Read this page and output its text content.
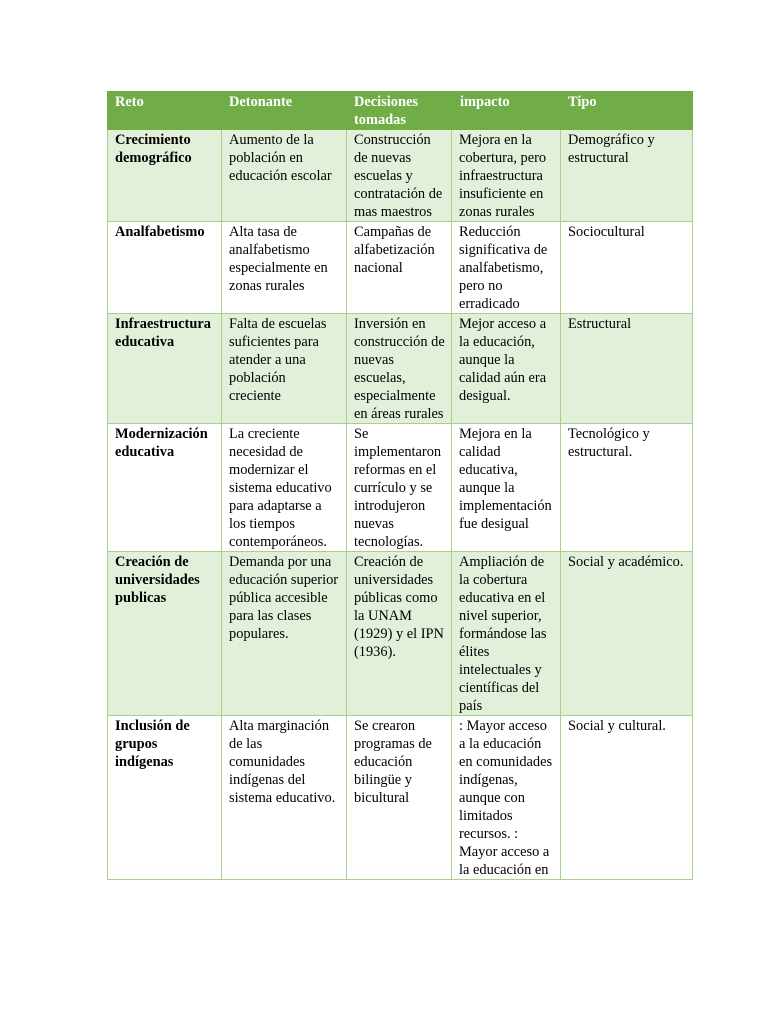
Reto	Detonante	Decisiones tomadas	impacto	Tipo
Crecimiento demográfico	Aumento de la población en educación escolar	Construcción de nuevas escuelas y contratación de mas maestros	Mejora en la cobertura, pero infraestructura insuficiente en zonas rurales	Demográfico y estructural
Analfabetismo	Alta tasa de analfabetismo especialmente en zonas rurales	Campañas de alfabetización nacional	Reducción significativa de analfabetismo, pero no erradicado	Sociocultural
Infraestructura educativa	Falta de escuelas suficientes para atender a una población creciente	Inversión en construcción de nuevas escuelas, especialmente en áreas rurales	Mejor acceso a la educación, aunque la calidad aún era desigual.	Estructural
Modernización educativa	La creciente necesidad de modernizar el sistema educativo para adaptarse a los tiempos contemporáneos.	Se implementaron reformas en el currículo y se introdujeron nuevas tecnologías.	Mejora en la calidad educativa, aunque la implementación fue desigual	Tecnológico y estructural.
Creación de universidades publicas	Demanda por una educación superior pública accesible para las clases populares.	Creación de universidades públicas como la UNAM (1929) y el IPN (1936).	Ampliación de la cobertura educativa en el nivel superior, formándose las élites intelectuales y científicas del país	Social y académico.
Inclusión de grupos indígenas	Alta marginación de las comunidades indígenas del sistema educativo.	Se crearon programas de educación bilingüe y bicultural	: Mayor acceso a la educación en comunidades indígenas, aunque con limitados recursos. : Mayor acceso a la educación en	Social y cultural.
